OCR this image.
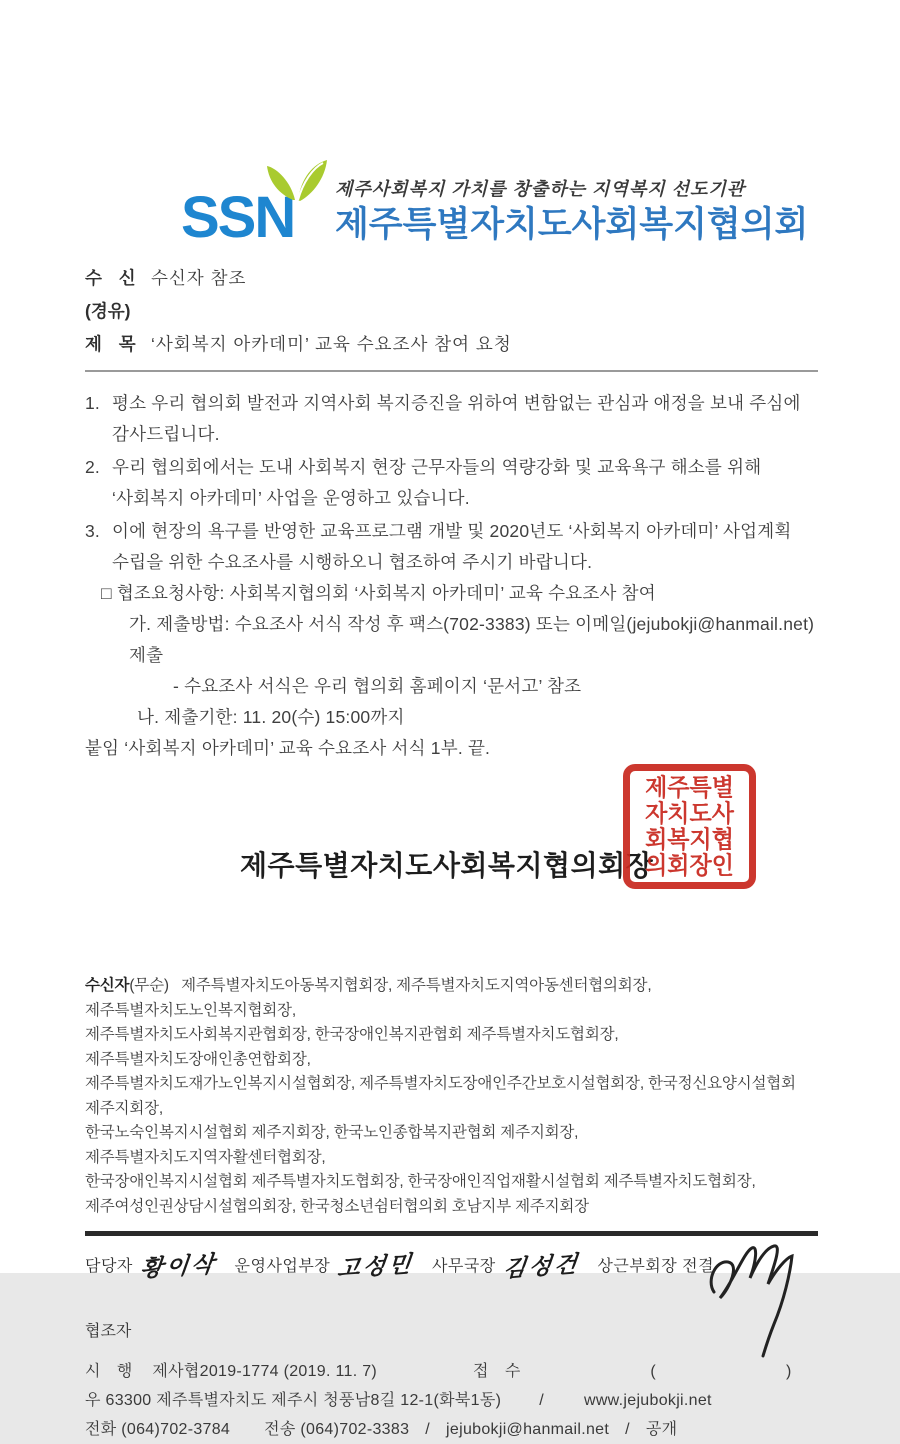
SSN	제주사회복지 가치를 창출하는 지역복지 선도기관
제주특별자치도사회복지협의회
수 신 수신자 참조
(경유)
제 목 ‘사회복지 아카데미’ 교육 수요조사 참여 요청
1. 평소 우리 협의회 발전과 지역사회 복지증진을 위하여 변함없는 관심과 애정을 보내 주심에 감사드립니다.
2. 우리 협의회에서는 도내 사회복지 현장 근무자들의 역량강화 및 교육욕구 해소를 위해 ‘사회복지 아카데미’ 사업을 운영하고 있습니다.
3. 이에 현장의 욕구를 반영한 교육프로그램 개발 및 2020년도 ‘사회복지 아카데미’ 사업계획 수립을 위한 수요조사를 시행하오니 협조하여 주시기 바랍니다.
□ 협조요청사항: 사회복지협의회 ‘사회복지 아카데미’ 교육 수요조사 참여
가. 제출방법: 수요조사 서식 작성 후 팩스(702-3383) 또는 이메일(jejubokji@hanmail.net) 제출
- 수요조사 서식은 우리 협의회 홈페이지 ‘문서고’ 참조
나. 제출기한: 11. 20(수) 15:00까지
붙임 ‘사회복지 아카데미’ 교육 수요조사 서식 1부. 끝.
제주특별자치도사회복지협의회장
제주특별
자치도사
회복지협
의회장인
수신자(무순) 제주특별자치도아동복지협회장, 제주특별자치도지역아동센터협의회장, 제주특별자치도노인복지협회장,
제주특별자치도사회복지관협회장, 한국장애인복지관협회 제주특별자치도협회장, 제주특별자치도장애인총연합회장,
제주특별자치도재가노인복지시설협회장, 제주특별자치도장애인주간보호시설협회장, 한국정신요양시설협회 제주지회장,
한국노숙인복지시설협회 제주지회장, 한국노인종합복지관협회 제주지회장, 제주특별자치도지역자활센터협회장,
한국장애인복지시설협회 제주특별자치도협회장, 한국장애인직업재활시설협회 제주특별자치도협회장,
제주여성인권상담시설협의회장, 한국청소년쉼터협의회 호남지부 제주지회장
담당자 황이삭 운영사업부장 고성민 사무국장 김성건 상근부회장 전결
협조자
시 행 제사협2019-1774 (2019. 11. 7)	접 수	(	)
우 63300 제주특별자치도 제주시 청풍남8길 12-1(화북1동) /	www.jejubokji.net
전화
(064)702-3784 전송
(064)702-3383 / jejubokji@hanmail.net / 공개
